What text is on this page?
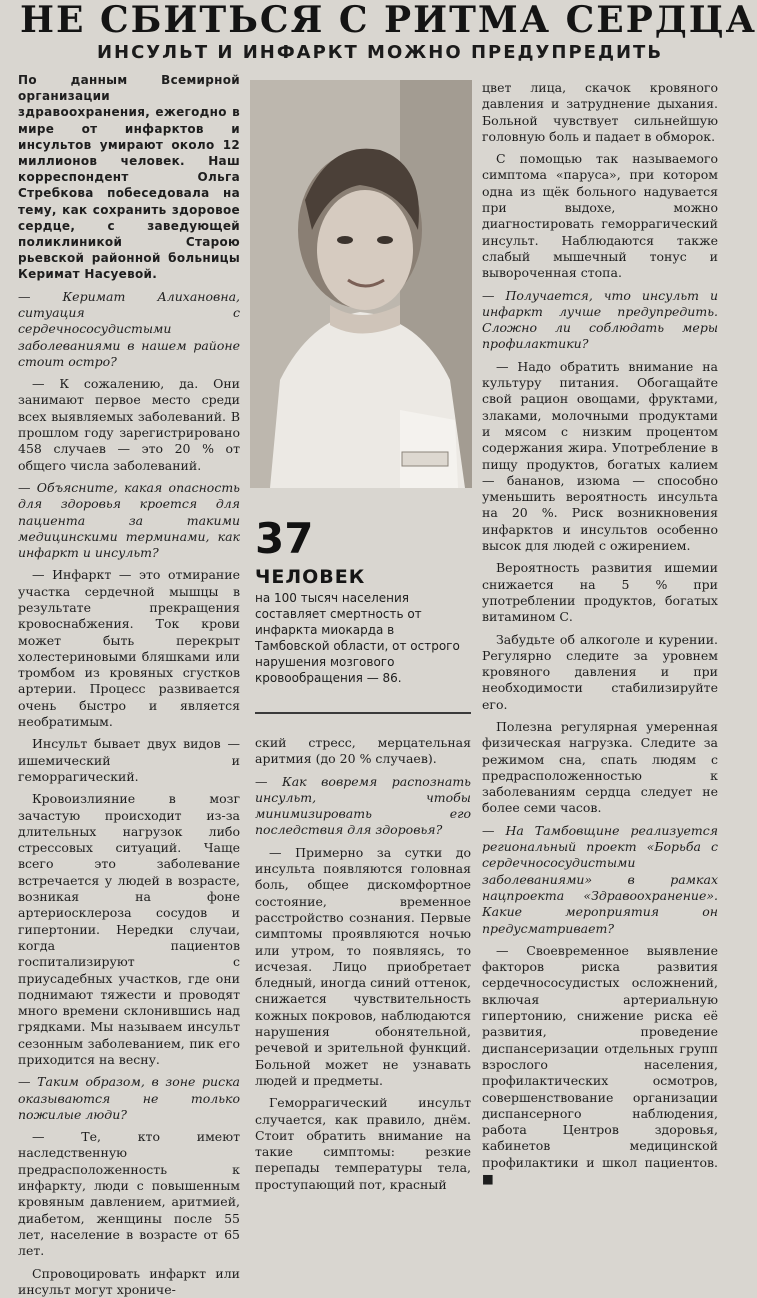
НЕ СБИТЬСЯ С РИТМА СЕРДЦА
ИНСУЛЬТ И ИНФАРКТ МОЖНО ПРЕДУПРЕДИТЬ

По данным Всемирной организации здравоохранения, ежегодно в мире от инфарктов и инсультов умирают около 12 миллионов человек. Наш корреспондент Ольга Стребкова побеседовала на тему, как сохранить здоровое сердце, с заведующей поликлиникой Старою рьевской районной больницы Керимат Насуевой.

— Керимат Алихановна, ситуация с сердечнососудистыми заболеваниями в нашем районе стоит остро?

— К сожалению, да. Они занимают первое место среди всех выявляемых заболеваний. В прошлом году зарегистрировано 458 случаев — это 20 % от общего числа заболеваний.

— Объясните, какая опасность для здоровья кроется для пациента за такими медицинскими терминами, как инфаркт и инсульт?

— Инфаркт — это отмирание участка сердечной мышцы в результате прекращения кровоснабжения. Ток крови может быть перекрыт холестериновыми бляшками или тромбом из кровяных сгустков артерии. Процесс развивается очень быстро и является необратимым.

Инсульт бывает двух видов — ишемический и геморрагический.

Кровоизлияние в мозг зачастую происходит из-за длительных нагрузок либо стрессовых ситуаций. Чаще всего это заболевание встречается у людей в возрасте, возникая на фоне артериосклероза сосудов и гипертонии. Нередки случаи, когда пациентов госпитализируют с приусадебных участков, где они поднимают тяжести и проводят много времени склонившись над грядками. Мы называем инсульт сезонным заболеванием, пик его приходится на весну.

— Таким образом, в зоне риска оказываются не только пожилые люди?

— Те, кто имеют наследственную предрасположенность к инфаркту, люди с повышенным кровяным давлением, аритмией, диабетом, женщины после 55 лет, население в возрасте от 65 лет.

Спровоцировать инфаркт или инсульт могут хрониче-

37
ЧЕЛОВЕК
на 100 тысяч населения составляет смертность от инфаркта миокарда в Тамбовской области, от острого нарушения мозгового кровообращения — 86.

ский стресс, мерцательная аритмия (до 20 % случаев).

— Как вовремя распознать инсульт, чтобы минимизировать его последствия для здоровья?

— Примерно за сутки до инсульта появляются головная боль, общее дискомфортное состояние, временное расстройство сознания. Первые симптомы проявляются ночью или утром, то появляясь, то исчезая. Лицо приобретает бледный, иногда синий оттенок, снижается чувствительность кожных покровов, наблюдаются нарушения обонятельной, речевой и зрительной функций. Больной может не узнавать людей и предметы.

Геморрагический инсульт случается, как правило, днём. Стоит обратить внимание на такие симптомы: резкие перепады температуры тела, проступающий пот, красный

цвет лица, скачок кровяного давления и затруднение дыхания. Больной чувствует сильнейшую головную боль и падает в обморок.

С помощью так называемого симптома «паруса», при котором одна из щёк больного надувается при выдохе, можно диагностировать геморрагический инсульт. Наблюдаются также слабый мышечный тонус и вывороченная стопа.

— Получается, что инсульт и инфаркт лучше предупредить. Сложно ли соблюдать меры профилактики?

— Надо обратить внимание на культуру питания. Обогащайте свой рацион овощами, фруктами, злаками, молочными продуктами и мясом с низким процентом содержания жира. Употребление в пищу продуктов, богатых калием — бананов, изюма — способно уменьшить вероятность инсульта на 20 %. Риск возникновения инфарктов и инсультов особенно высок для людей с ожирением.

Вероятность развития ишемии снижается на 5 % при употреблении продуктов, богатых витамином С.

Забудьте об алкоголе и курении. Регулярно следите за уровнем кровяного давления и при необходимости стабилизируйте его.

Полезна регулярная умеренная физическая нагрузка. Следите за режимом сна, спать людям с предрасположенностью к заболеваниям сердца следует не более семи часов.

— На Тамбовщине реализуется региональный проект «Борьба с сердечнососудистыми заболеваниями» в рамках нацпроекта «Здравоохранение». Какие мероприятия он предусматривает?

— Своевременное выявление факторов риска развития сердечнососудистых осложнений, включая артериальную гипертонию, снижение риска её развития, проведение диспансеризации отдельных групп взрослого населения, профилактических осмотров, совершенствование организации диспансерного наблюдения, работа Центров здоровья, кабинетов медицинской профилактики и школ пациентов. ■
